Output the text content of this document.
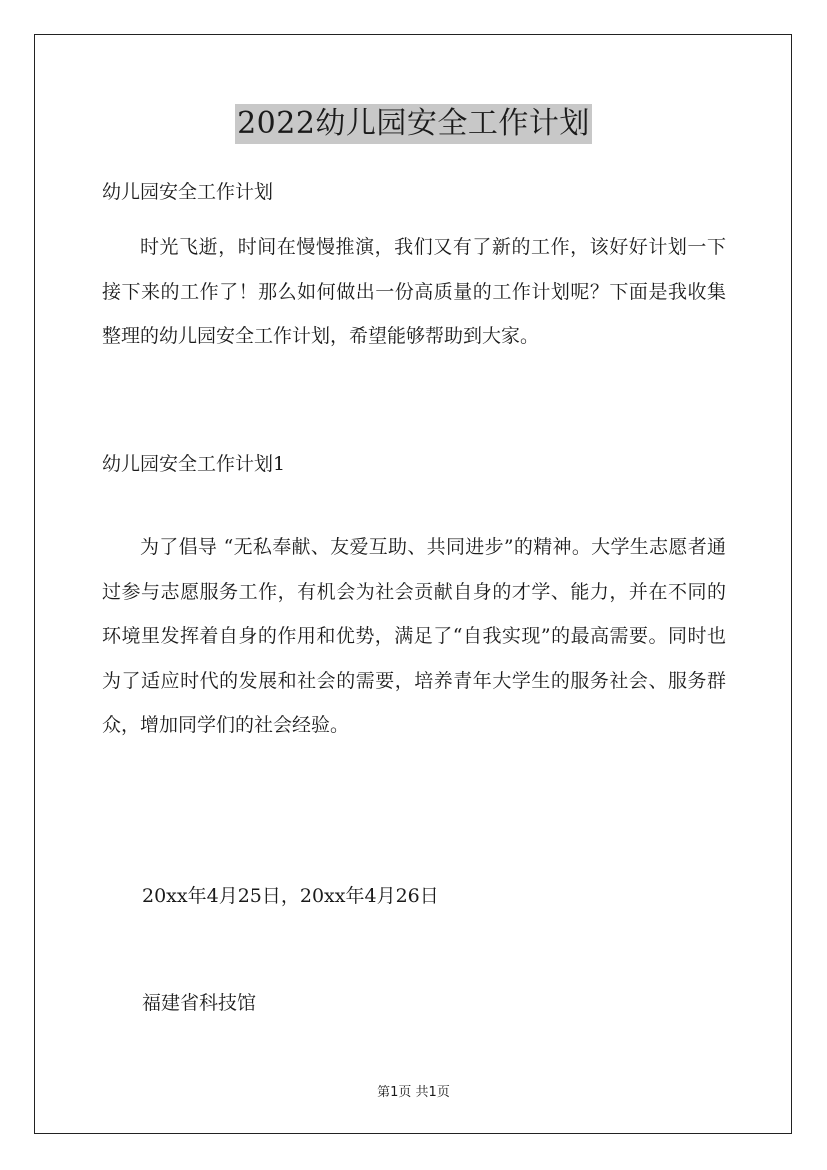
2022幼儿园安全工作计划

幼儿园安全工作计划

时光飞逝，时间在慢慢推演，我们又有了新的工作，该好好计划一下接下来的工作了！那么如何做出一份高质量的工作计划呢？下面是我收集整理的幼儿园安全工作计划，希望能够帮助到大家。

幼儿园安全工作计划1

为了倡导 “无私奉献、友爱互助、共同进步”的精神。大学生志愿者通过参与志愿服务工作，有机会为社会贡献自身的才学、能力，并在不同的环境里发挥着自身的作用和优势，满足了“自我实现”的最高需要。同时也为了适应时代的发展和社会的需要，培养青年大学生的服务社会、服务群众，增加同学们的社会经验。

20xx年4月25日，20xx年4月26日

福建省科技馆

第1页 共1页
